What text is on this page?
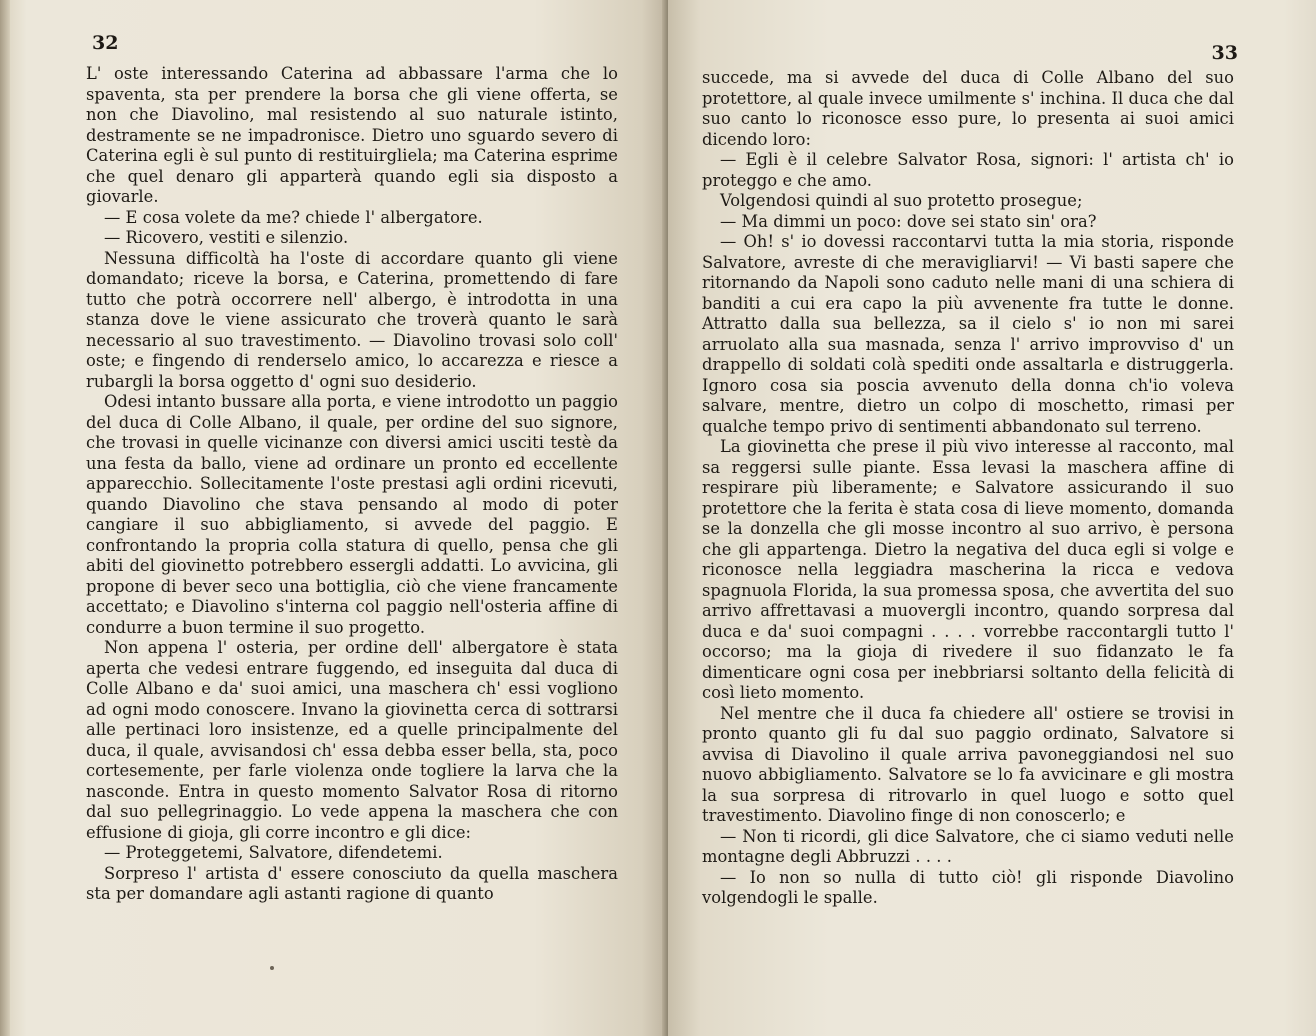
32

L' oste interessando Caterina ad abbassare l'arma che lo spaventa, sta per prendere la borsa che gli viene offerta, se non che Diavolino, mal resistendo al suo naturale istinto, destramente se ne impadronisce. Dietro uno sguardo severo di Caterina egli è sul punto di restituirgliela; ma Caterina esprime che quel denaro gli apparterà quando egli sia disposto a giovarle.

— E cosa volete da me? chiede l' albergatore.

— Ricovero, vestiti e silenzio.

Nessuna difficoltà ha l'oste di accordare quanto gli viene domandato; riceve la borsa, e Caterina, promettendo di fare tutto che potrà occorrere nell' albergo, è introdotta in una stanza dove le viene assicurato che troverà quanto le sarà necessario al suo travestimento. — Diavolino trovasi solo coll' oste; e fingendo di renderselo amico, lo accarezza e riesce a rubargli la borsa oggetto d' ogni suo desiderio.

Odesi intanto bussare alla porta, e viene introdotto un paggio del duca di Colle Albano, il quale, per ordine del suo signore, che trovasi in quelle vicinanze con diversi amici usciti testè da una festa da ballo, viene ad ordinare un pronto ed eccellente apparecchio. Sollecitamente l'oste prestasi agli ordini ricevuti, quando Diavolino che stava pensando al modo di poter cangiare il suo abbigliamento, si avvede del paggio. E confrontando la propria colla statura di quello, pensa che gli abiti del giovinetto potrebbero essergli addatti. Lo avvicina, gli propone di bever seco una bottiglia, ciò che viene francamente accettato; e Diavolino s'interna col paggio nell'osteria affine di condurre a buon termine il suo progetto.

Non appena l' osteria, per ordine dell' albergatore è stata aperta che vedesi entrare fuggendo, ed inseguita dal duca di Colle Albano e da' suoi amici, una maschera ch' essi vogliono ad ogni modo conoscere. Invano la giovinetta cerca di sottrarsi alle pertinaci loro insistenze, ed a quelle principalmente del duca, il quale, avvisandosi ch' essa debba esser bella, sta, poco cortesemente, per farle violenza onde togliere la larva che la nasconde. Entra in questo momento Salvator Rosa di ritorno dal suo pellegrinaggio. Lo vede appena la maschera che con effusione di gioja, gli corre incontro e gli dice:

— Proteggetemi, Salvatore, difendetemi.

Sorpreso l' artista d' essere conosciuto da quella maschera sta per domandare agli astanti ragione di quanto

33

succede, ma si avvede del duca di Colle Albano del suo protettore, al quale invece umilmente s' inchina. Il duca che dal suo canto lo riconosce esso pure, lo presenta ai suoi amici dicendo loro:

— Egli è il celebre Salvator Rosa, signori: l' artista ch' io proteggo e che amo.

Volgendosi quindi al suo protetto prosegue;

— Ma dimmi un poco: dove sei stato sin' ora?

— Oh! s' io dovessi raccontarvi tutta la mia storia, risponde Salvatore, avreste di che meravigliarvi! — Vi basti sapere che ritornando da Napoli sono caduto nelle mani di una schiera di banditi a cui era capo la più avvenente fra tutte le donne. Attratto dalla sua bellezza, sa il cielo s' io non mi sarei arruolato alla sua masnada, senza l' arrivo improvviso d' un drappello di soldati colà spediti onde assaltarla e distruggerla. Ignoro cosa sia poscia avvenuto della donna ch'io voleva salvare, mentre, dietro un colpo di moschetto, rimasi per qualche tempo privo di sentimenti abbandonato sul terreno.

La giovinetta che prese il più vivo interesse al racconto, mal sa reggersi sulle piante. Essa levasi la maschera affine di respirare più liberamente; e Salvatore assicurando il suo protettore che la ferita è stata cosa di lieve momento, domanda se la donzella che gli mosse incontro al suo arrivo, è persona che gli appartenga. Dietro la negativa del duca egli si volge e riconosce nella leggiadra mascherina la ricca e vedova spagnuola Florida, la sua promessa sposa, che avvertita del suo arrivo affrettavasi a muovergli incontro, quando sorpresa dal duca e da' suoi compagni . . . . vorrebbe raccontargli tutto l' occorso; ma la gioja di rivedere il suo fidanzato le fa dimenticare ogni cosa per inebbriarsi soltanto della felicità di così lieto momento.

Nel mentre che il duca fa chiedere all' ostiere se trovisi in pronto quanto gli fu dal suo paggio ordinato, Salvatore si avvisa di Diavolino il quale arriva pavoneggiandosi nel suo nuovo abbigliamento. Salvatore se lo fa avvicinare e gli mostra la sua sorpresa di ritrovarlo in quel luogo e sotto quel travestimento. Diavolino finge di non conoscerlo; e

— Non ti ricordi, gli dice Salvatore, che ci siamo veduti nelle montagne degli Abbruzzi . . . .

— Io non so nulla di tutto ciò! gli risponde Diavolino volgendogli le spalle.
